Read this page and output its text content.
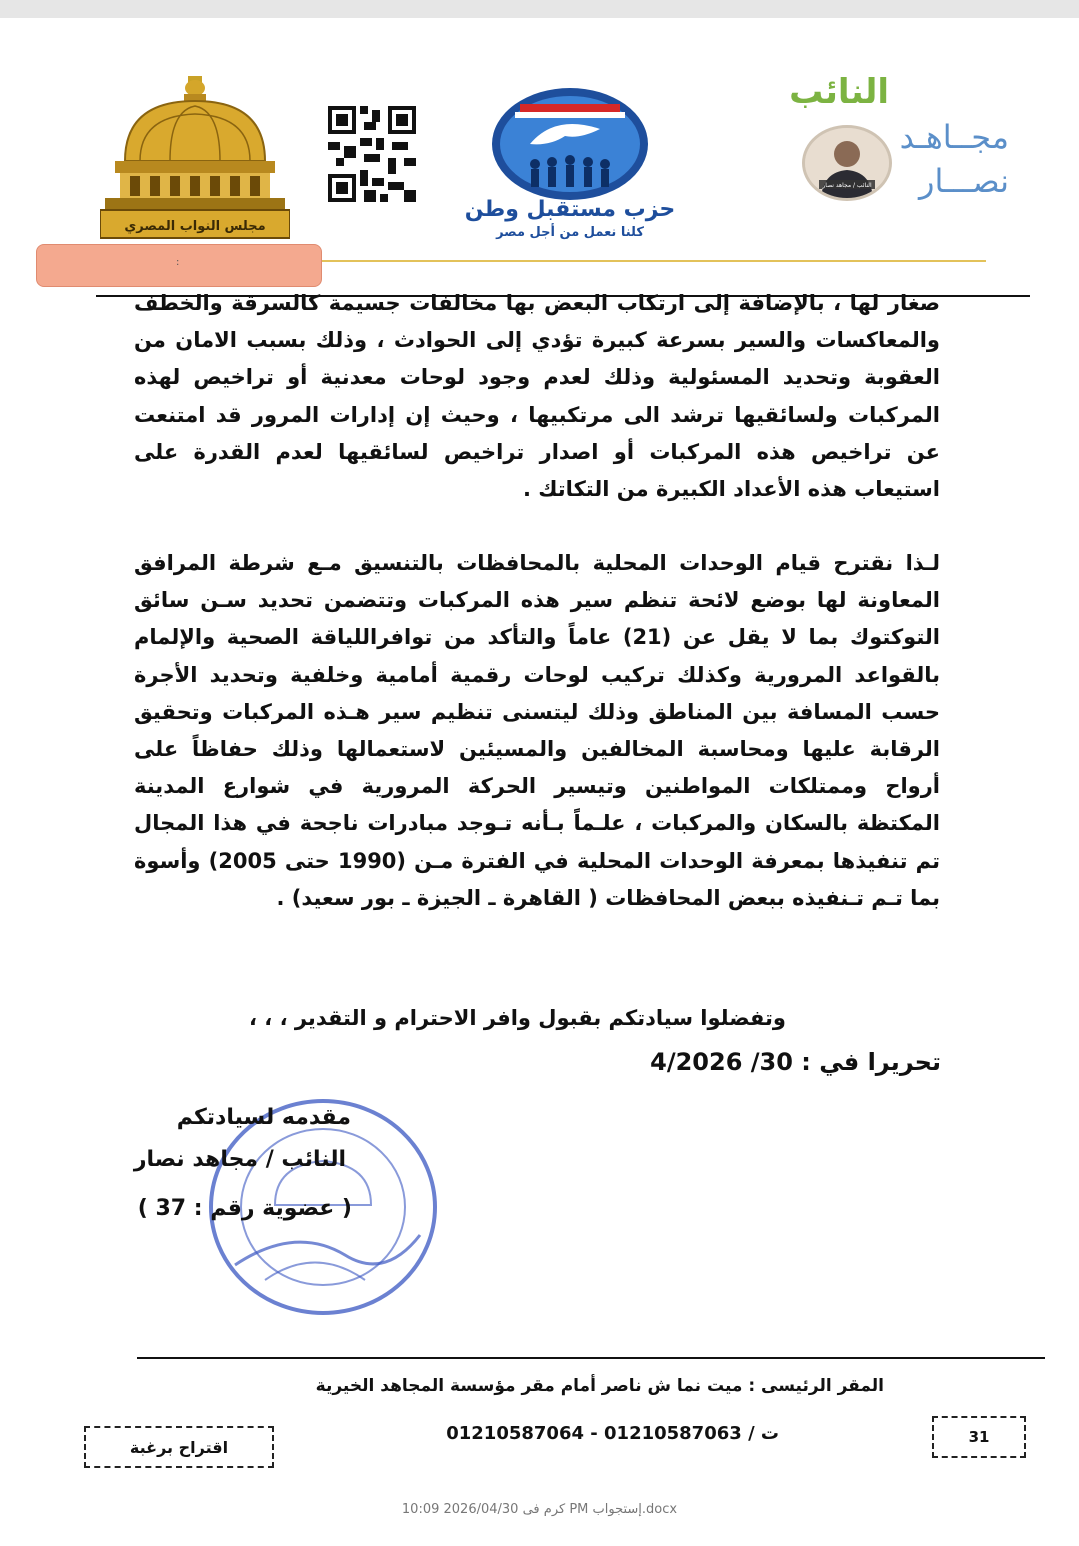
مجلس النواب المصري
حزب مستقبل وطن
كلنا نعمل من أجل مصر
النائب
مجــاهـد
نصـــار
النائب / مجاهد نصار
:
صغار لها ، بالإضافة إلى ارتكاب البعض بها مخالفات جسيمة كالسرقة والخطف والمعاكسات والسير بسرعة كبيرة تؤدي إلى الحوادث ، وذلك بسبب الامان من العقوبة وتحديد المسئولية وذلك لعدم وجود لوحات معدنية أو تراخيص لهذه المركبات ولسائقيها ترشد الى مرتكبيها ، وحيث إن إدارات المرور قد امتنعت عن تراخيص هذه المركبات أو اصدار تراخيص لسائقيها لعدم القدرة على استيعاب هذه الأعداد الكبيرة من التكاتك .
لـذا نقترح قيام الوحدات المحلية بالمحافظات بالتنسيق مـع شرطة المرافق المعاونة لها بوضع لائحة تنظم سير هذه المركبات وتتضمن تحديد سـن سائق التوكتوك بما لا يقل عن (21) عاماً والتأكد من توافراللياقة الصحية والإلمام بالقواعد المرورية وكذلك تركيب لوحات رقمية أمامية وخلفية وتحديد الأجرة حسب المسافة بين المناطق وذلك ليتسنى تنظيم سير هـذه المركبات وتحقيق الرقابة عليها ومحاسبة المخالفين والمسيئين لاستعمالها وذلك حفاظاً على أرواح وممتلكات المواطنين وتيسير الحركة المرورية في شوارع المدينة المكتظة بالسكان والمركبات ، علـماً بـأنه تـوجد مبادرات ناجحة في هذا المجال تم تنفيذها بمعرفة الوحدات المحلية في الفترة مـن (1990 حتى 2005) وأسوة بما تـم تـنفيذه ببعض المحافظات ( القاهرة ـ الجيزة ـ بور سعيد) .
وتفضلوا سيادتكم بقبول وافر الاحترام و التقدير ، ، ،
تحريرا في : 30/ 4/2026
مقدمه لسيادتكم
النائب / مجاهد نصار
( عضوية رقم : 37 )
المقر الرئيسى : ميت نما ش ناصر أمام مقر مؤسسة المجاهد الخيرية
ت / 01210587063 - 01210587064	31
اقتراح برغبة
كرم فى 2026/04/30 10:09 PM إستجواب.docx
